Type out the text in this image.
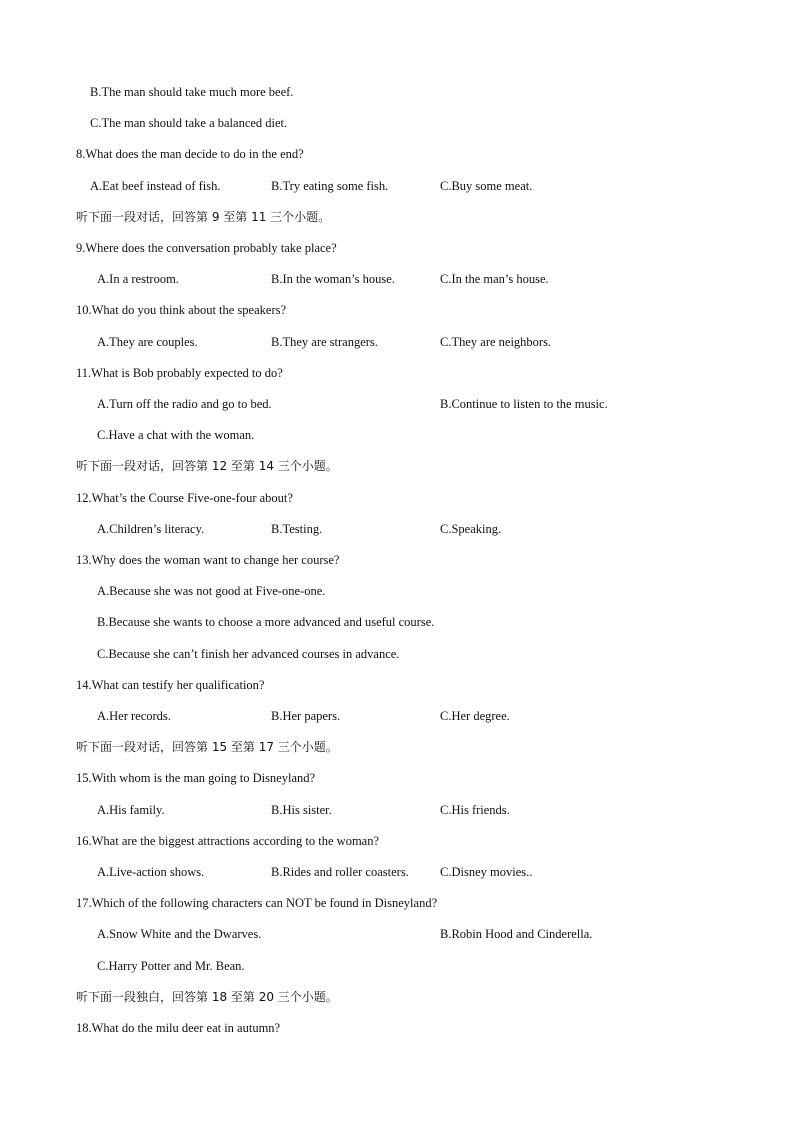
B.The man should take much more beef.
C.The man should take a balanced diet.
8.What does the man decide to do in the end?
A.Eat beef instead of fish.	B.Try eating some fish.	C.Buy some meat.
听下面一段对话，回答第 9 至第 11 三个小题。
9.Where does the conversation probably take place?
A.In a restroom.	B.In the woman’s house.	C.In the man’s house.
10.What do you think about the speakers?
A.They are couples.	B.They are strangers.	C.They are neighbors.
11.What is Bob probably expected to do?
A.Turn off the radio and go to bed.	B.Continue to listen to the music.
C.Have a chat with the woman.
听下面一段对话，回答第 12 至第 14 三个小题。
12.What’s the Course Five-one-four about?
A.Children’s literacy.	B.Testing.	C.Speaking.
13.Why does the woman want to change her course?
A.Because she was not good at Five-one-one.
B.Because she wants to choose a more advanced and useful course.
C.Because she can’t finish her advanced courses in advance.
14.What can testify her qualification?
A.Her records.	B.Her papers.	C.Her degree.
听下面一段对话，回答第 15 至第 17 三个小题。
15.With whom is the man going to Disneyland?
A.His family.	B.His sister.	C.His friends.
16.What are the biggest attractions according to the woman?
A.Live-action shows.	B.Rides and roller coasters. C.Disney movies..
17.Which of the following characters can NOT be found in Disneyland?
A.Snow White and the Dwarves.	B.Robin Hood and Cinderella.
C.Harry Potter and Mr. Bean.
听下面一段独白，回答第 18 至第 20 三个小题。
18.What do the milu deer eat in autumn?
